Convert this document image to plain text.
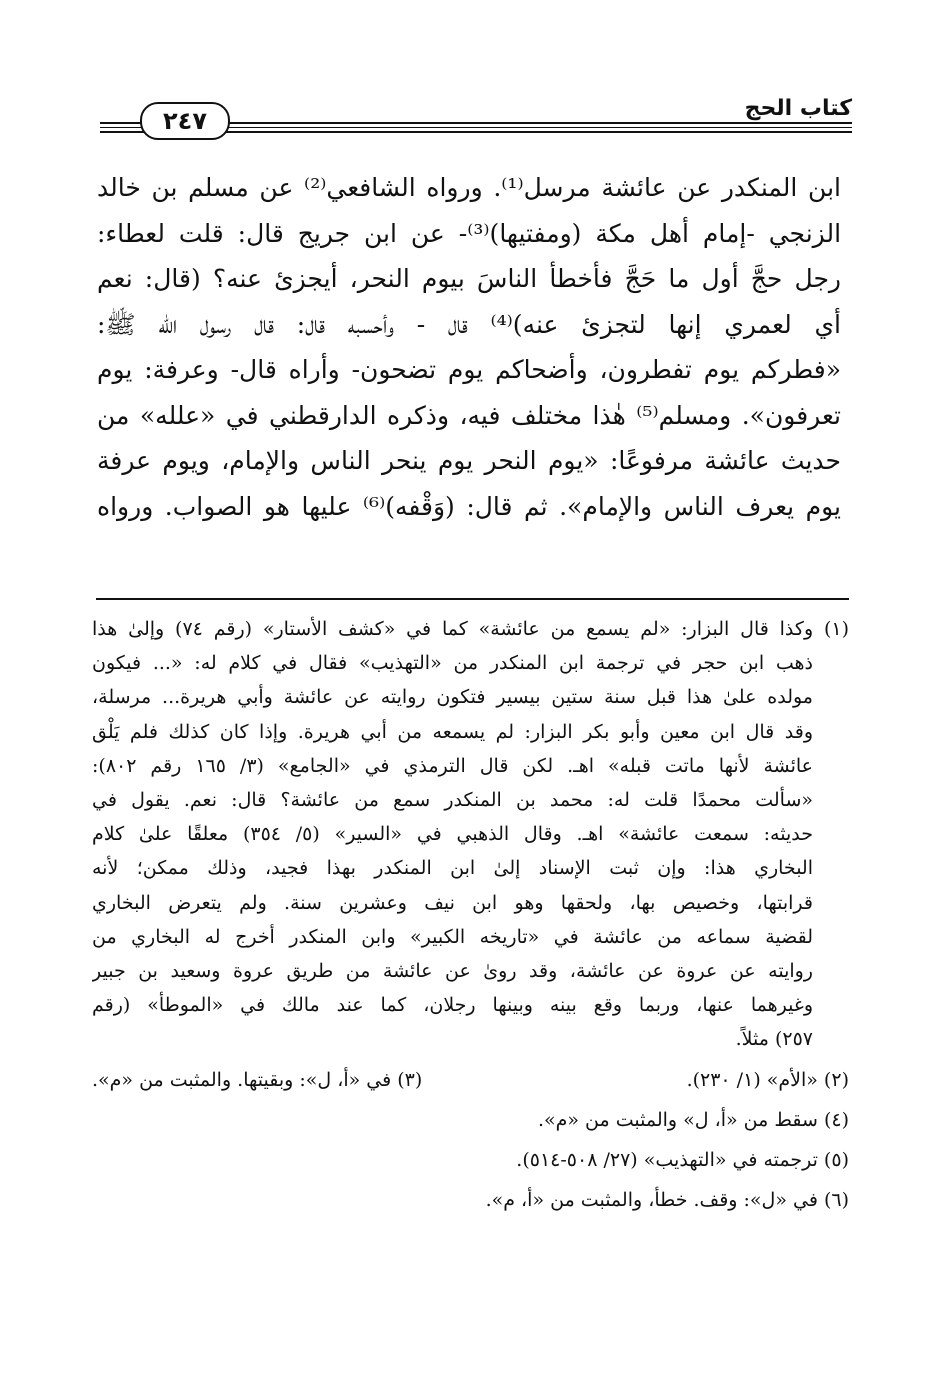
كتاب الحج
٢٤٧
ابن المنكدر عن عائشة مرسل⁽¹⁾. ورواه الشافعي⁽²⁾ عن مسلم بن خالد
الزنجي -إمام أهل مكة (ومفتيها)⁽³⁾- عن ابن جريج قال: قلت لعطاء:
رجل حجَّ أول ما حَجَّ فأخطأ الناسَ بيوم النحر، أيجزئ عنه؟ (قال: نعم
أي لعمري إنها لتجزئ عنه)⁽⁴⁾ قال - وأحسبه قال: قال رسول الله ﷺ:
«فطركم يوم تفطرون، وأضحاكم يوم تضحون- وأراه قال- وعرفة: يوم
تعرفون». ومسلم⁽⁵⁾ هٰذا مختلف فيه، وذكره الدارقطني في «علله» من
حديث عائشة مرفوعًا: «يوم النحر يوم ينحر الناس والإمام، ويوم عرفة
يوم يعرف الناس والإمام». ثم قال: (وَقْفه)⁽⁶⁾ عليها هو الصواب. ورواه
(١) وكذا قال البزار: «لم يسمع من عائشة» كما في «كشف الأستار» (رقم ٧٤) وإلىٰ هذا
ذهب ابن حجر في ترجمة ابن المنكدر من «التهذيب» فقال في كلام له: «... فيكون
مولده علىٰ هذا قبل سنة ستين بيسير فتكون روايته عن عائشة وأبي هريرة... مرسلة،
وقد قال ابن معين وأبو بكر البزار: لم يسمعه من أبي هريرة. وإذا كان كذلك فلم يَلْق
عائشة لأنها ماتت قبله» اهـ. لكن قال الترمذي في «الجامع» (٣/ ١٦٥ رقم ٨٠٢):
«سألت محمدًا قلت له: محمد بن المنكدر سمع من عائشة؟ قال: نعم. يقول في
حديثه: سمعت عائشة» اهـ. وقال الذهبي في «السير» (٥/ ٣٥٤) معلقًا علىٰ كلام
البخاري هذا: وإن ثبت الإسناد إلىٰ ابن المنكدر بهذا فجيد، وذلك ممكن؛ لأنه
قرابتها، وخصيص بها، ولحقها وهو ابن نيف وعشرين سنة. ولم يتعرض البخاري
لقضية سماعه من عائشة في «تاريخه الكبير» وابن المنكدر أخرج له البخاري من
روايته عن عروة عن عائشة، وقد روىٰ عن عائشة من طريق عروة وسعيد بن جبير
وغيرهما عنها، وربما وقع بينه وبينها رجلان، كما عند مالك في «الموطأ» (رقم
٢٥٧) مثلاً.
(٢) «الأم» (١/ ٢٣٠).
(٣) في «أ، ل»: وبقيتها. والمثبت من «م».
(٤) سقط من «أ، ل» والمثبت من «م».
(٥) ترجمته في «التهذيب» (٢٧/ ٥٠٨-٥١٤).
(٦) في «ل»: وقف. خطأ، والمثبت من «أ، م».
